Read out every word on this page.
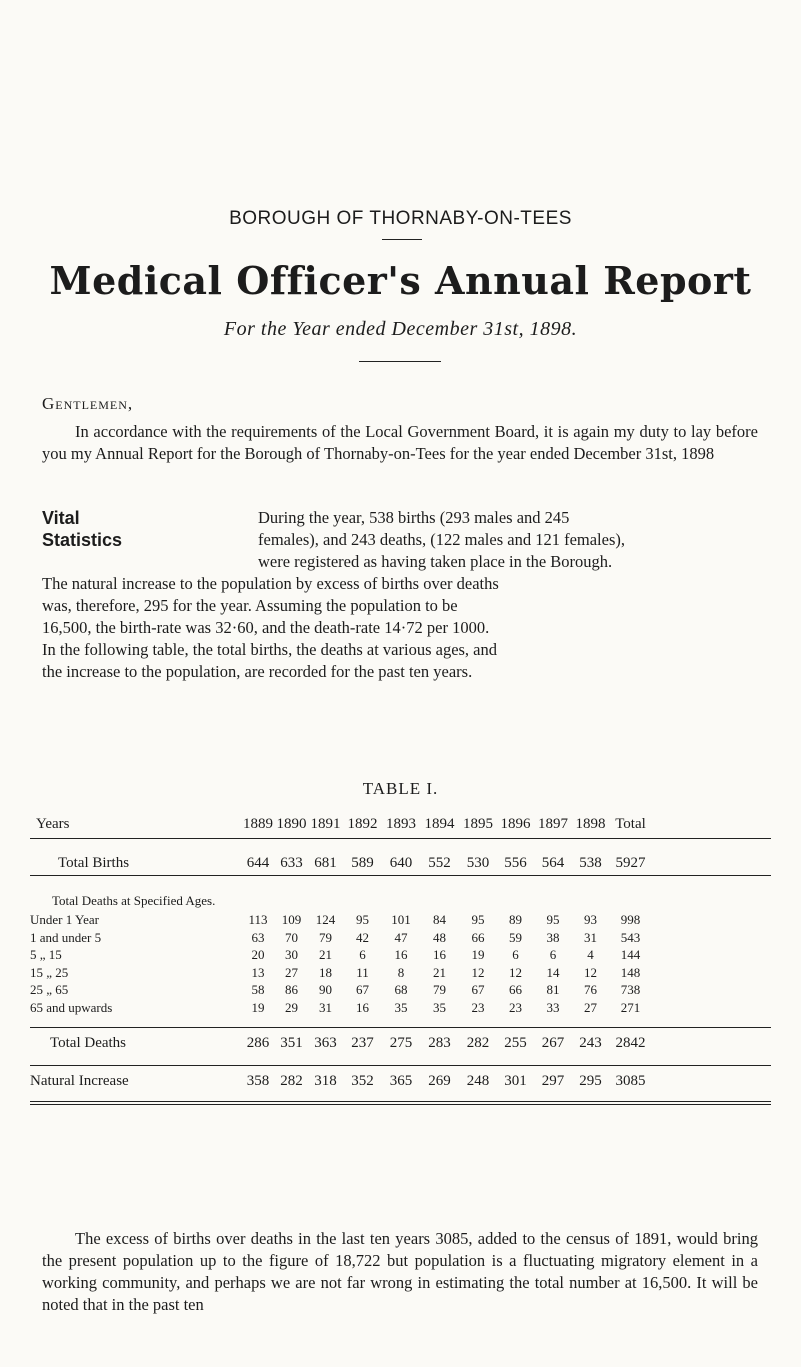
BOROUGH OF THORNABY-ON-TEES
Medical Officer's Annual Report
For the Year ended December 31st, 1898.
Gentlemen,
In accordance with the requirements of the Local Government Board, it is again my duty to lay before you my Annual Report for the Borough of Thornaby-on-Tees for the year ended December 31st, 1898
Vital
Statistics
During the year, 538 births (293 males and 245
females), and 243 deaths, (122 males and 121 females),
were registered as having taken place in the Borough.
The natural increase to the population by excess of births over deaths
was, therefore, 295 for the year. Assuming the population to be
16,500, the birth-rate was 32·60, and the death-rate 14·72 per 1000.
In the following table, the total births, the deaths at various ages, and
the increase to the population, are recorded for the past ten years.
TABLE I.
Years	1889 1890 1891 1892 1893 1894 1895 1896 1897 1898 Total
Total Births	644 633 681 589	640	552	530	556	564	538 5927
Total Deaths at Specified Ages.
Under 1 Year	113	109	124	95	101	84	95	89	95	93	998
1 and under 5	63	70	79	42	47	48	66	59	38	31	543
5 „ 15	20	30	21	6	16	16	19	6	6	4	144
15 „ 25	13	27	18	11	8	21	12	12	14	12	148
25 „ 65	58	86	90	67	68	79	67	66	81	76	738
65 and upwards	19	29	31	16	35	35	23	23	33	27	271
Total Deaths	286 351 363 237	275	283	282	255	267	243 2842
Natural Increase	358 282 318 352	365	269	248	301	297	295 3085
The excess of births over deaths in the last ten years 3085, added to the census of 1891, would bring the present population up to the figure of 18,722 but population is a fluctuating migratory element in a working community, and perhaps we are not far wrong in estimating the total number at 16,500. It will be noted that in the past ten
